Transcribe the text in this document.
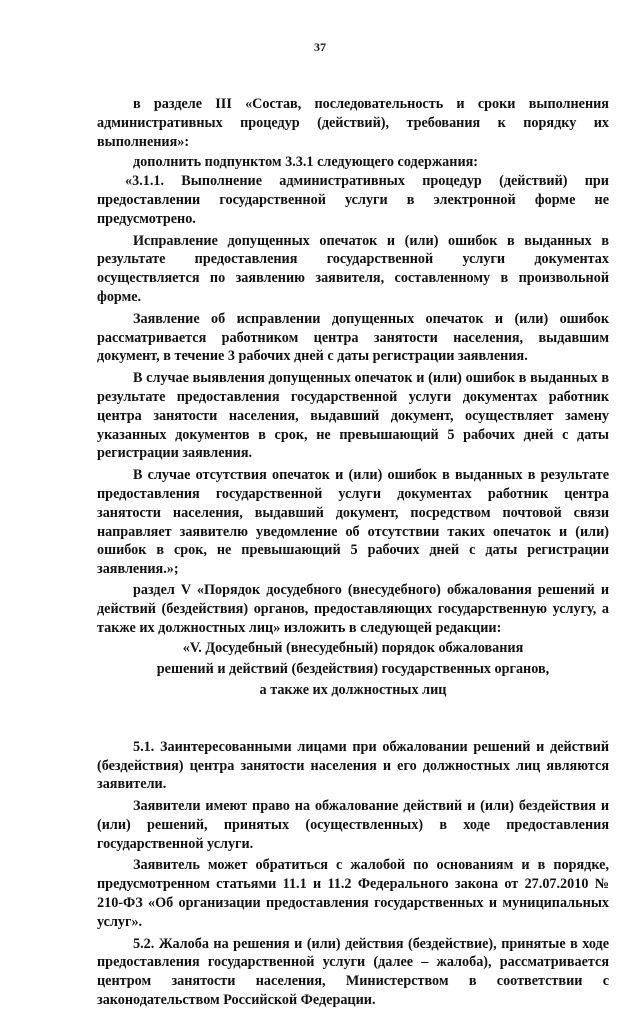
37

в разделе III «Состав, последовательность и сроки выполнения административных процедур (действий), требования к порядку их выполнения»:

дополнить подпунктом 3.3.1 следующего содержания:

«3.1.1. Выполнение административных процедур (действий) при предоставлении государственной услуги в электронной форме не предусмотрено.

Исправление допущенных опечаток и (или) ошибок в выданных в результате предоставления государственной услуги документах осуществляется по заявлению заявителя, составленному в произвольной форме.

Заявление об исправлении допущенных опечаток и (или) ошибок рассматривается работником центра занятости населения, выдавшим документ, в течение 3 рабочих дней с даты регистрации заявления.

В случае выявления допущенных опечаток и (или) ошибок в выданных в результате предоставления государственной услуги документах работник центра занятости населения, выдавший документ, осуществляет замену указанных документов в срок, не превышающий 5 рабочих дней с даты регистрации заявления.

В случае отсутствия опечаток и (или) ошибок в выданных в результате предоставления государственной услуги документах работник центра занятости населения, выдавший документ, посредством почтовой связи направляет заявителю уведомление об отсутствии таких опечаток и (или) ошибок в срок, не превышающий 5 рабочих дней с даты регистрации заявления.»;

раздел V «Порядок досудебного (внесудебного) обжалования решений и действий (бездействия) органов, предоставляющих государственную услугу, а также их должностных лиц» изложить в следующей редакции:

«V. Досудебный (внесудебный) порядок обжалования

решений и действий (бездействия) государственных органов,

а также их должностных лиц

5.1. Заинтересованными лицами при обжаловании решений и действий (бездействия) центра занятости населения и его должностных лиц являются заявители.

Заявители имеют право на обжалование действий и (или) бездействия и (или) решений, принятых (осуществленных) в ходе предоставления государственной услуги.

Заявитель может обратиться с жалобой по основаниям и в порядке, предусмотренном статьями 11.1 и 11.2 Федерального закона от 27.07.2010 № 210-ФЗ «Об организации предоставления государственных и муниципальных услуг».

5.2. Жалоба на решения и (или) действия (бездействие), принятые в ходе предоставления государственной услуги (далее – жалоба), рассматривается центром занятости населения, Министерством в соответствии с законодательством Российской Федерации.
